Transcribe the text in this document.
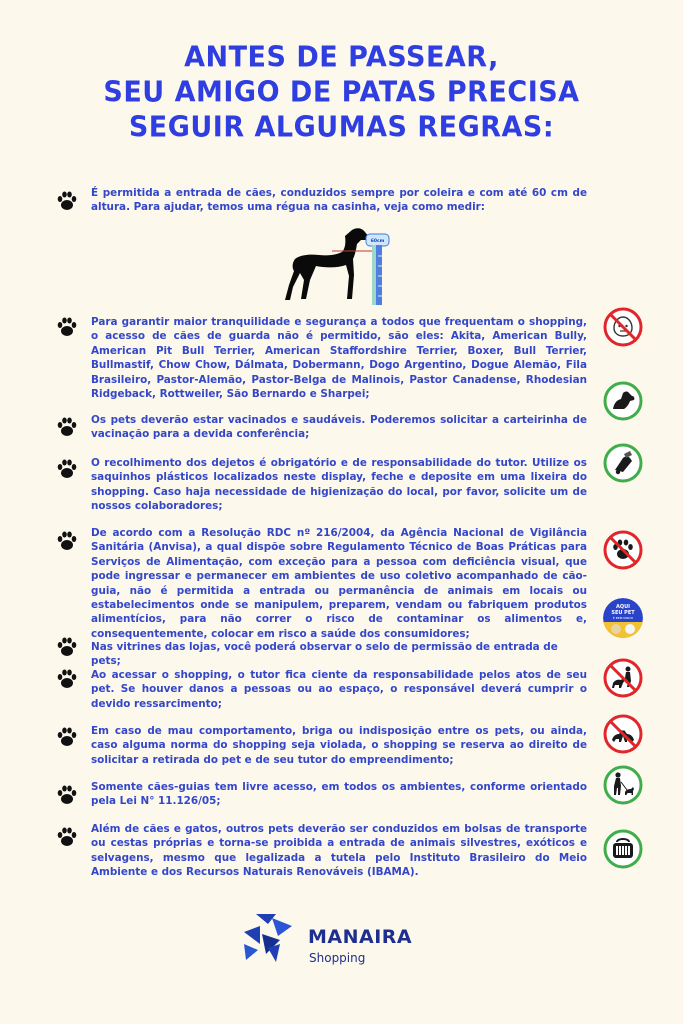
ANTES DE PASSEAR,
SEU AMIGO DE PATAS PRECISA
SEGUIR ALGUMAS REGRAS:
É permitida a entrada de cães, conduzidos sempre por coleira e com até 60 cm de altura. Para ajudar, temos uma régua na casinha, veja como medir:
Para garantir maior tranquilidade e segurança a todos que frequentam o shopping, o acesso de cães de guarda não é permitido, são eles: Akita, American Bully, American Pit Bull Terrier, American Staffordshire Terrier, Boxer, Bull Terrier, Bullmastif, Chow Chow, Dálmata, Dobermann, Dogo Argentino, Dogue Alemão, Fila Brasileiro, Pastor-Alemão, Pastor-Belga de Malinois, Pastor Canadense, Rhodesian Ridgeback, Rottweiler, São Bernardo e Sharpei;
Os pets deverão estar vacinados e saudáveis. Poderemos solicitar a carteirinha de vacinação para a devida conferência;
O recolhimento dos dejetos é obrigatório e de responsabilidade do tutor. Utilize os saquinhos plásticos localizados neste display, feche e deposite em uma lixeira do shopping. Caso haja necessidade de higienização do local, por favor, solicite um de nossos colaboradores;
De acordo com a Resolução RDC nº 216/2004, da Agência Nacional de Vigilância Sanitária (Anvisa), a qual dispõe sobre Regulamento Técnico de Boas Práticas para Serviços de Alimentação, com exceção para a pessoa com deficiência visual, que pode ingressar e permanecer em ambientes de uso coletivo acompanhado de cão-guia, não é permitida a entrada ou permanência de animais em locais ou estabelecimentos onde se manipulem, preparem, vendam ou fabriquem produtos alimentícios, para não correr o risco de contaminar os alimentos e, consequentemente, colocar em risco a saúde dos consumidores;
Nas vitrines das lojas, você poderá observar o selo de permissão de entrada de pets;
Ao acessar o shopping, o tutor fica ciente da responsabilidade pelos atos de seu pet. Se houver danos a pessoas ou ao espaço, o responsável deverá cumprir o devido ressarcimento;
Em caso de mau comportamento, briga ou indisposição entre os pets, ou ainda, caso alguma norma do shopping seja violada, o shopping se reserva ao direito de solicitar a retirada do pet e de seu tutor do empreendimento;
Somente cães-guias tem livre acesso, em todos os ambientes, conforme orientado pela Lei N° 11.126/05;
Além de cães e gatos, outros pets deverão ser conduzidos em bolsas de transporte ou cestas próprias e torna-se proibida a entrada de animais silvestres, exóticos e selvagens, mesmo que legalizada a tutela pelo Instituto Brasileiro do Meio Ambiente e dos Recursos Naturais Renováveis (IBAMA).
60cm
AQUI
SEU PET
É BEM-VINDO
MANAIRA
Shopping
